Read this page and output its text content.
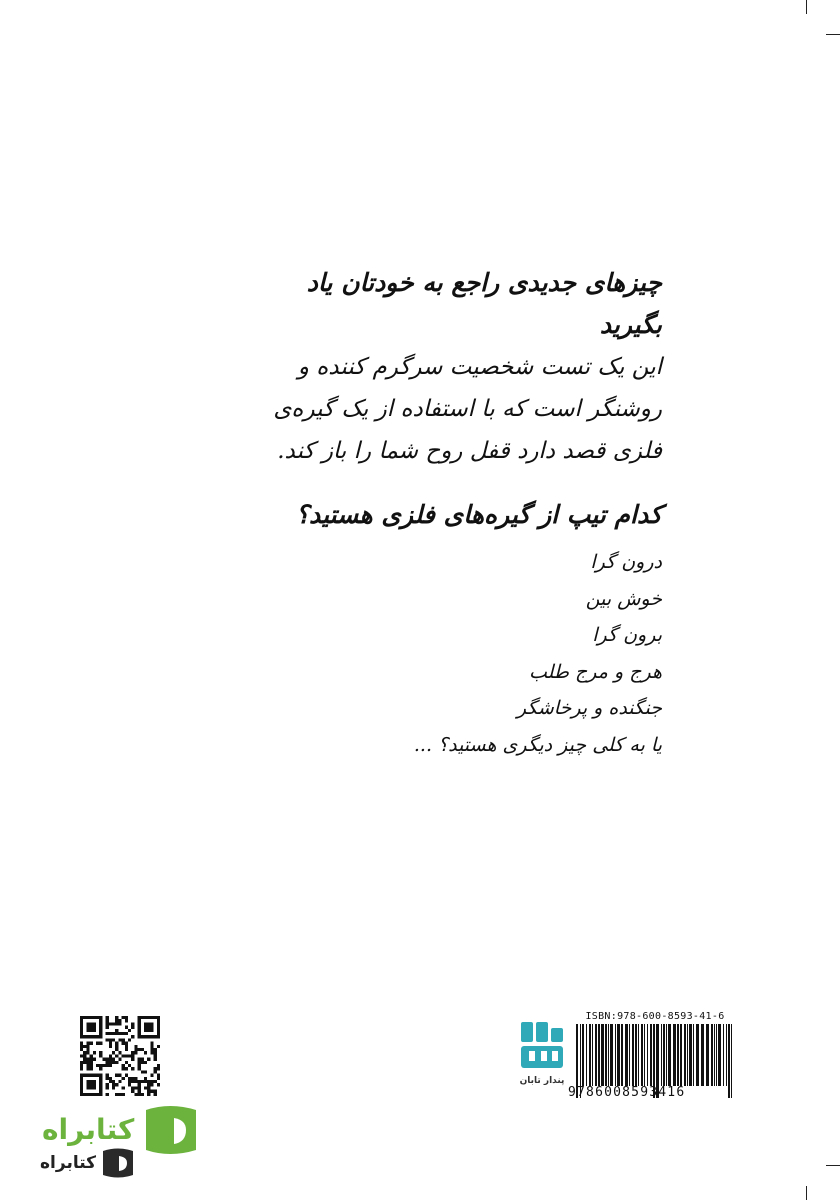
چیزهای جدیدی راجع به خودتان یاد بگیرید

این یک تست شخصیت سرگرم کننده و روشنگر است که با استفاده از یک گیره‌ی فلزی قصد دارد قفل روح شما را باز کند.

کدام تیپ از گیره‌های فلزی هستید؟

درون گرا
خوش بین
برون گرا
هرج و مرج طلب
جنگنده و پرخاشگر
یا به کلی چیز دیگری هستید؟ ...
کتابراه
کتابراه
پندار تابان
ISBN:978-600-8593-41-6
9786008593416
